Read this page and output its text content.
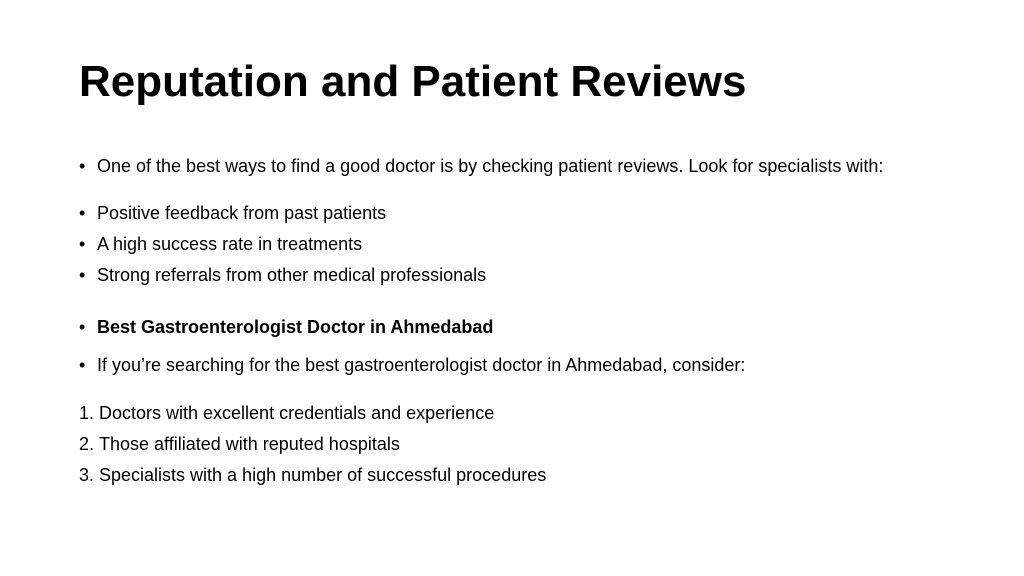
Reputation and Patient Reviews
• One of the best ways to find a good doctor is by checking patient reviews. Look for specialists with:
• Positive feedback from past patients
• A high success rate in treatments
• Strong referrals from other medical professionals
• Best Gastroenterologist Doctor in Ahmedabad
• If you’re searching for the best gastroenterologist doctor in Ahmedabad, consider:
1. Doctors with excellent credentials and experience
2. Those affiliated with reputed hospitals
3. Specialists with a high number of successful procedures
